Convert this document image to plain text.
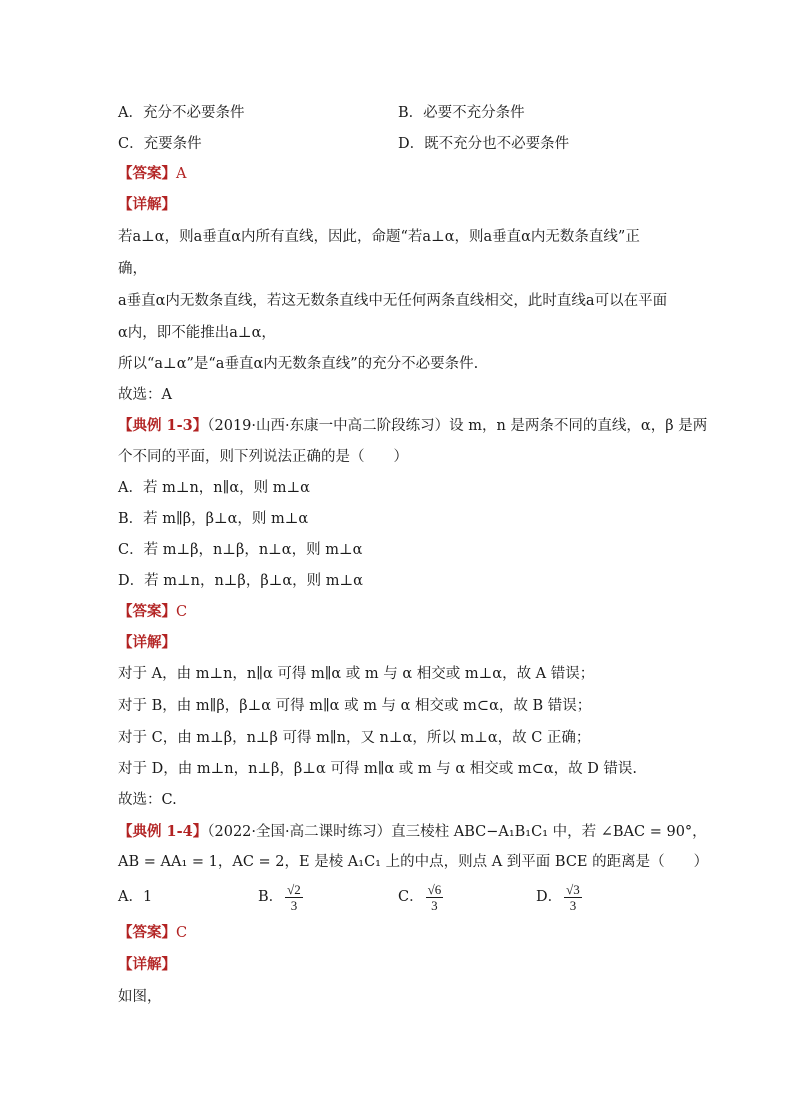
A．充分不必要条件	B．必要不充分条件
C．充要条件	D．既不充分也不必要条件
【答案】A
【详解】
若a⊥α，则a垂直α内所有直线，因此，命题“若a⊥α，则a垂直α内无数条直线”正
确，
a垂直α内无数条直线，若这无数条直线中无任何两条直线相交，此时直线a可以在平面
α内，即不能推出a⊥α，
所以“a⊥α”是“a垂直α内无数条直线”的充分不必要条件.
故选：A
【典例 1-3】（2019·山西·东康一中高二阶段练习）设 m，n 是两条不同的直线，α，β 是两
个不同的平面，则下列说法正确的是（　　）
A．若 m⊥n，n∥α，则 m⊥α
B．若 m∥β，β⊥α，则 m⊥α
C．若 m⊥β，n⊥β，n⊥α，则 m⊥α
D．若 m⊥n，n⊥β，β⊥α，则 m⊥α
【答案】C
【详解】
对于 A，由 m⊥n，n∥α 可得 m∥α 或 m 与 α 相交或 m⊥α，故 A 错误；
对于 B，由 m∥β，β⊥α 可得 m∥α 或 m 与 α 相交或 m⊂α，故 B 错误；
对于 C，由 m⊥β，n⊥β 可得 m∥n，又 n⊥α，所以 m⊥α，故 C 正确；
对于 D，由 m⊥n，n⊥β，β⊥α 可得 m∥α 或 m 与 α 相交或 m⊂α，故 D 错误.
故选：C.
【典例 1-4】（2022·全国·高二课时练习）直三棱柱 ABC−A₁B₁C₁ 中，若 ∠BAC = 90°，
AB = AA₁ = 1，AC = 2，E 是棱 A₁C₁ 上的中点，则点 A 到平面 BCE 的距离是（　　）
A．1	B． $\frac{√2}{3}$	C． $\frac{√6}{3}$	D． $\frac{√3}{3}$
【答案】C
【详解】
如图，
